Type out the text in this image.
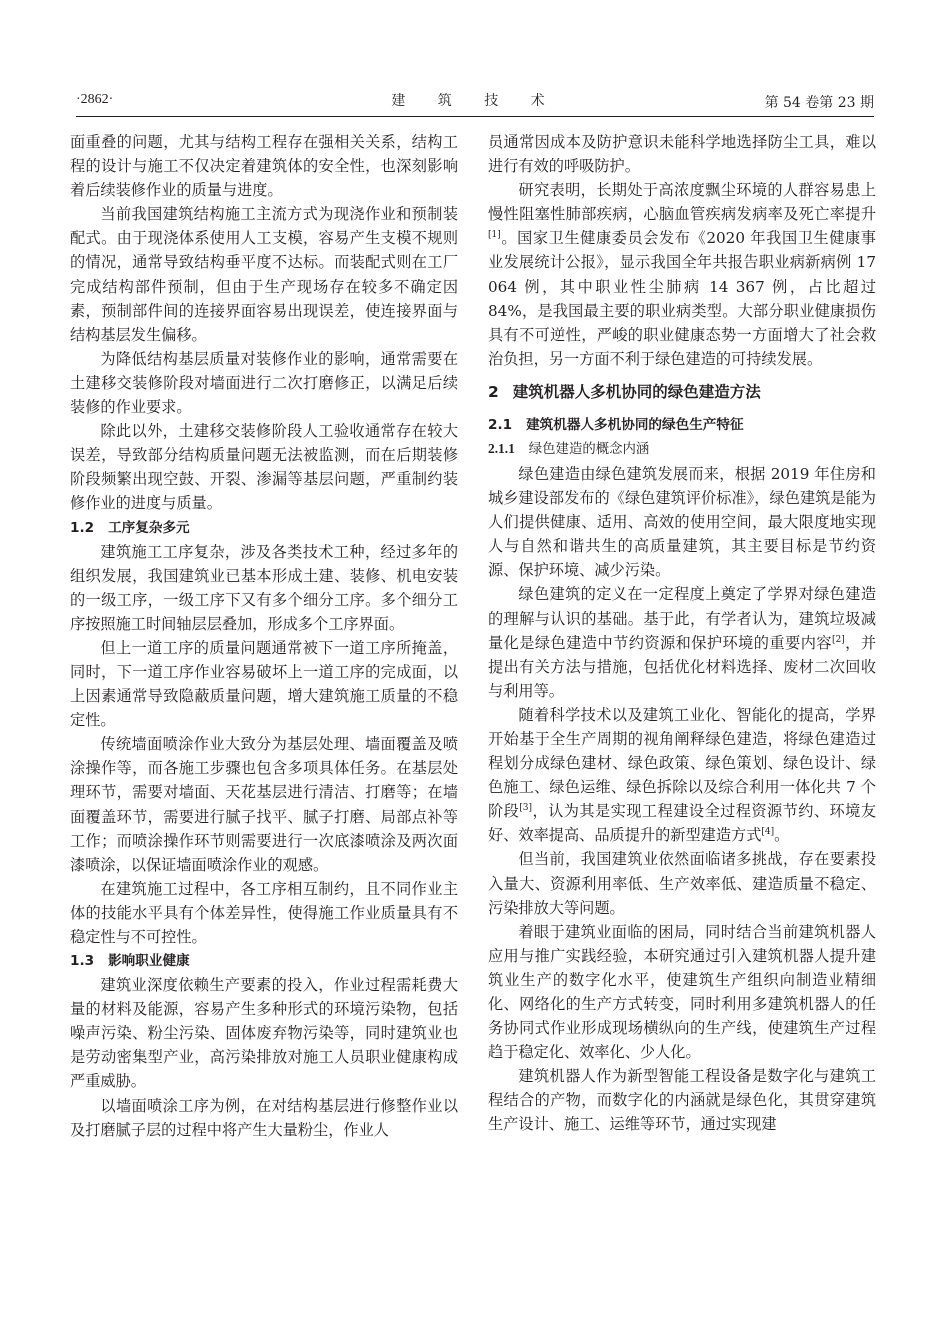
·2862·	建 筑 技 术	第 54 卷第 23 期

面重叠的问题，尤其与结构工程存在强相关关系，结构工程的设计与施工不仅决定着建筑体的安全性，也深刻影响着后续装修作业的质量与进度。

当前我国建筑结构施工主流方式为现浇作业和预制装配式。由于现浇体系使用人工支模，容易产生支模不规则的情况，通常导致结构垂平度不达标。而装配式则在工厂完成结构部件预制，但由于生产现场存在较多不确定因素，预制部件间的连接界面容易出现误差，使连接界面与结构基层发生偏移。

为降低结构基层质量对装修作业的影响，通常需要在土建移交装修阶段对墙面进行二次打磨修正，以满足后续装修的作业要求。

除此以外，土建移交装修阶段人工验收通常存在较大误差，导致部分结构质量问题无法被监测，而在后期装修阶段频繁出现空鼓、开裂、渗漏等基层问题，严重制约装修作业的进度与质量。

1.2 工序复杂多元

建筑施工工序复杂，涉及各类技术工种，经过多年的组织发展，我国建筑业已基本形成土建、装修、机电安装的一级工序，一级工序下又有多个细分工序。多个细分工序按照施工时间轴层层叠加，形成多个工序界面。

但上一道工序的质量问题通常被下一道工序所掩盖，同时，下一道工序作业容易破坏上一道工序的完成面，以上因素通常导致隐蔽质量问题，增大建筑施工质量的不稳定性。

传统墙面喷涂作业大致分为基层处理、墙面覆盖及喷涂操作等，而各施工步骤也包含多项具体任务。在基层处理环节，需要对墙面、天花基层进行清洁、打磨等；在墙面覆盖环节，需要进行腻子找平、腻子打磨、局部点补等工作；而喷涂操作环节则需要进行一次底漆喷涂及两次面漆喷涂，以保证墙面喷涂作业的观感。

在建筑施工过程中，各工序相互制约，且不同作业主体的技能水平具有个体差异性，使得施工作业质量具有不稳定性与不可控性。

1.3 影响职业健康

建筑业深度依赖生产要素的投入，作业过程需耗费大量的材料及能源，容易产生多种形式的环境污染物，包括噪声污染、粉尘污染、固体废弃物污染等，同时建筑业也是劳动密集型产业，高污染排放对施工人员职业健康构成严重威胁。

以墙面喷涂工序为例，在对结构基层进行修整作业以及打磨腻子层的过程中将产生大量粉尘，作业人

员通常因成本及防护意识未能科学地选择防尘工具，难以进行有效的呼吸防护。

研究表明，长期处于高浓度飘尘环境的人群容易患上慢性阻塞性肺部疾病，心脑血管疾病发病率及死亡率提升[1]。国家卫生健康委员会发布《2020 年我国卫生健康事业发展统计公报》，显示我国全年共报告职业病新病例 17 064 例，其中职业性尘肺病 14 367 例，占比超过 84%，是我国最主要的职业病类型。大部分职业健康损伤具有不可逆性，严峻的职业健康态势一方面增大了社会救治负担，另一方面不利于绿色建造的可持续发展。

2 建筑机器人多机协同的绿色建造方法
2.1 建筑机器人多机协同的绿色生产特征
2.1.1 绿色建造的概念内涵

绿色建造由绿色建筑发展而来，根据 2019 年住房和城乡建设部发布的《绿色建筑评价标准》，绿色建筑是能为人们提供健康、适用、高效的使用空间，最大限度地实现人与自然和谐共生的高质量建筑，其主要目标是节约资源、保护环境、减少污染。

绿色建筑的定义在一定程度上奠定了学界对绿色建造的理解与认识的基础。基于此，有学者认为，建筑垃圾减量化是绿色建造中节约资源和保护环境的重要内容[2]，并提出有关方法与措施，包括优化材料选择、废材二次回收与利用等。

随着科学技术以及建筑工业化、智能化的提高，学界开始基于全生产周期的视角阐释绿色建造，将绿色建造过程划分成绿色建材、绿色政策、绿色策划、绿色设计、绿色施工、绿色运维、绿色拆除以及综合利用一体化共 7 个阶段[3]，认为其是实现工程建设全过程资源节约、环境友好、效率提高、品质提升的新型建造方式[4]。

但当前，我国建筑业依然面临诸多挑战，存在要素投入量大、资源利用率低、生产效率低、建造质量不稳定、污染排放大等问题。

着眼于建筑业面临的困局，同时结合当前建筑机器人应用与推广实践经验，本研究通过引入建筑机器人提升建筑业生产的数字化水平，使建筑生产组织向制造业精细化、网络化的生产方式转变，同时利用多建筑机器人的任务协同式作业形成现场横纵向的生产线，使建筑生产过程趋于稳定化、效率化、少人化。

建筑机器人作为新型智能工程设备是数字化与建筑工程结合的产物，而数字化的内涵就是绿色化，其贯穿建筑生产设计、施工、运维等环节，通过实现建
